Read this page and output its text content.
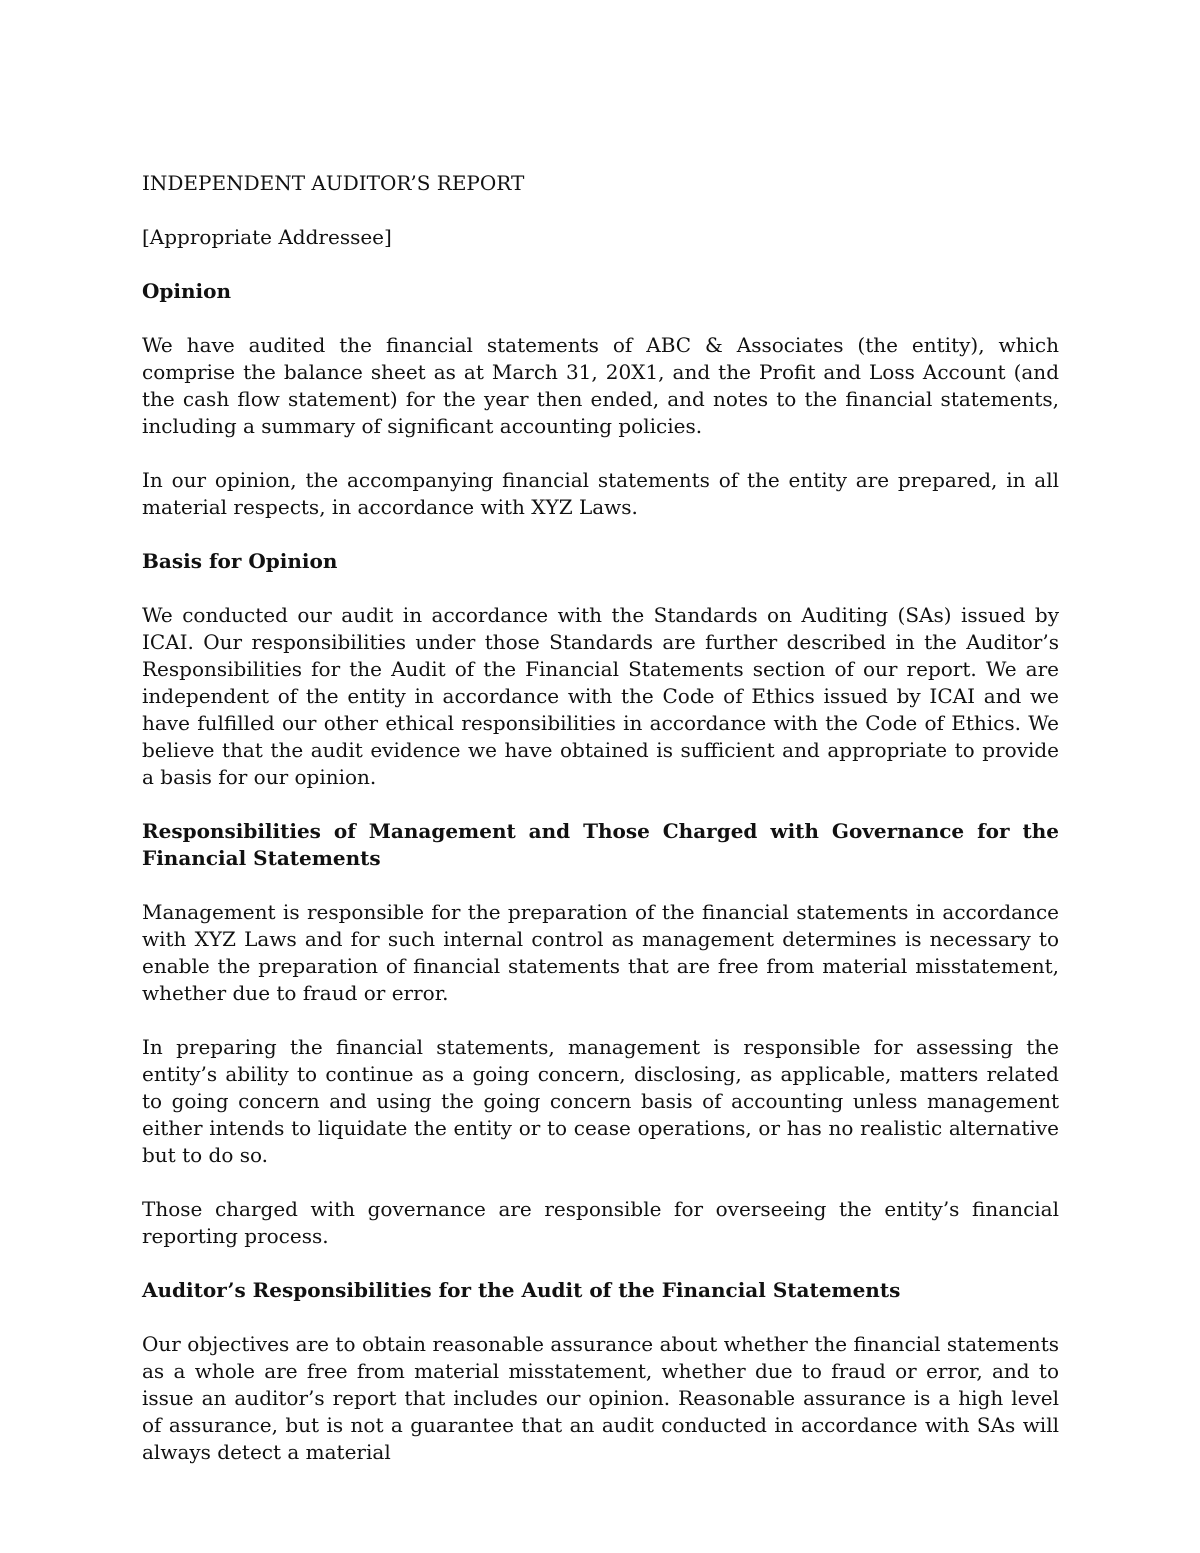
INDEPENDENT AUDITOR’S REPORT

[Appropriate Addressee]

Opinion

We have audited the financial statements of ABC & Associates (the entity), which comprise the balance sheet as at March 31, 20X1, and the Profit and Loss Account (and the cash flow statement) for the year then ended, and notes to the financial statements, including a summary of significant accounting policies.

In our opinion, the accompanying financial statements of the entity are prepared, in all material respects, in accordance with XYZ Laws.

Basis for Opinion

We conducted our audit in accordance with the Standards on Auditing (SAs) issued by ICAI. Our responsibilities under those Standards are further described in the Auditor’s Responsibilities for the Audit of the Financial Statements section of our report. We are independent of the entity in accordance with the Code of Ethics issued by ICAI and we have fulfilled our other ethical responsibilities in accordance with the Code of Ethics. We believe that the audit evidence we have obtained is sufficient and appropriate to provide a basis for our opinion.

Responsibilities of Management and Those Charged with Governance for the Financial Statements

Management is responsible for the preparation of the financial statements in accordance with XYZ Laws and for such internal control as management determines is necessary to enable the preparation of financial statements that are free from material misstatement, whether due to fraud or error.

In preparing the financial statements, management is responsible for assessing the entity’s ability to continue as a going concern, disclosing, as applicable, matters related to going concern and using the going concern basis of accounting unless management either intends to liquidate the entity or to cease operations, or has no realistic alternative but to do so.

Those charged with governance are responsible for overseeing the entity’s financial reporting process.

Auditor’s Responsibilities for the Audit of the Financial Statements

Our objectives are to obtain reasonable assurance about whether the financial statements as a whole are free from material misstatement, whether due to fraud or error, and to issue an auditor’s report that includes our opinion. Reasonable assurance is a high level of assurance, but is not a guarantee that an audit conducted in accordance with SAs will always detect a material
